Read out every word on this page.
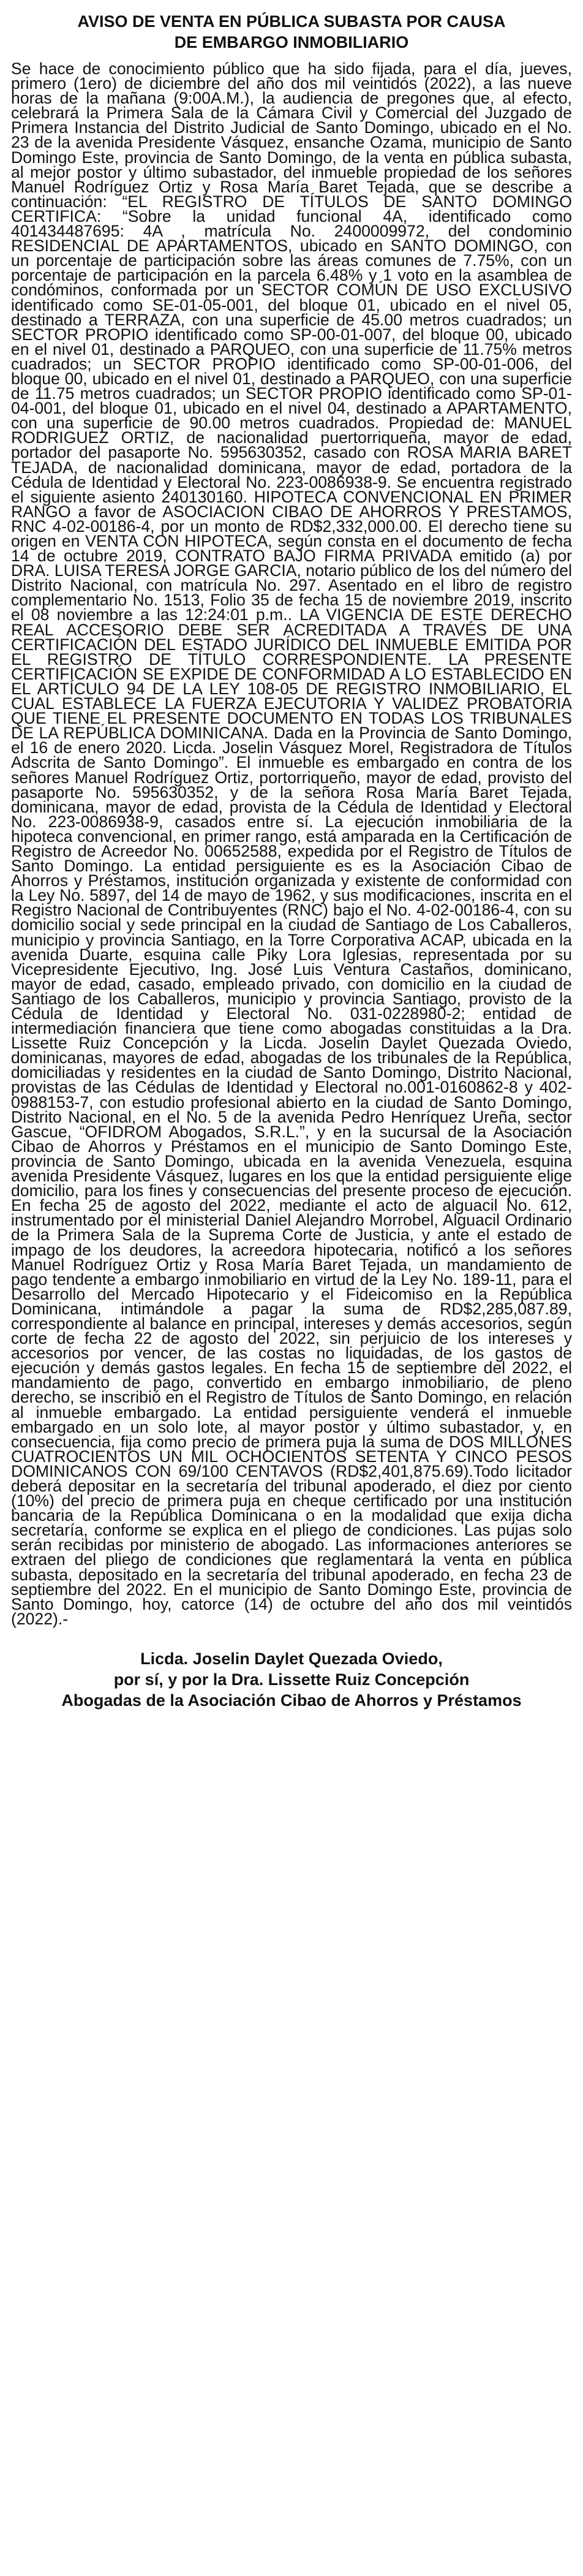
AVISO DE VENTA EN PÚBLICA SUBASTA POR CAUSA
DE EMBARGO INMOBILIARIO

Se hace de conocimiento público que ha sido fijada, para el día, jueves, primero (1ero) de diciembre del año dos mil veintidós (2022), a las nueve horas de la mañana (9:00A.M.), la audiencia de pregones que, al efecto, celebrará la Primera Sala de la Cámara Civil y Comercial del Juzgado de Primera Instancia del Distrito Judicial de Santo Domingo, ubicado en el No. 23 de la avenida Presidente Vásquez, ensanche Ozama, municipio de Santo Domingo Este, provincia de Santo Domingo, de la venta en pública subasta, al mejor postor y último subastador, del inmueble propiedad de los señores Manuel Rodríguez Ortiz y Rosa María Baret Tejada, que se describe a continuación: “EL REGISTRO DE TÍTULOS DE SANTO DOMINGO CERTIFICA: “Sobre la unidad funcional 4A, identificado como 401434487695: 4A , matrícula No. 2400009972, del condominio RESIDENCIAL DE APARTAMENTOS, ubicado en SANTO DOMINGO, con un porcentaje de participación sobre las áreas comunes de 7.75%, con un porcentaje de participación en la parcela 6.48% y 1 voto en la asamblea de condóminos, conformada por un SECTOR COMÚN DE USO EXCLUSIVO identificado como SE-01-05-001, del bloque 01, ubicado en el nivel 05, destinado a TERRAZA, con una superficie de 45.00 metros cuadrados; un SECTOR PROPIO identificado como SP-00-01-007, del bloque 00, ubicado en el nivel 01, destinado a PARQUEO, con una superficie de 11.75% metros cuadrados; un SECTOR PROPIO identificado como SP-00-01-006, del bloque 00, ubicado en el nivel 01, destinado a PARQUEO, con una superficie de 11.75 metros cuadrados; un SECTOR PROPIO identificado como SP-01-04-001, del bloque 01, ubicado en el nivel 04, destinado a APARTAMENTO, con una superficie de 90.00 metros cuadrados. Propiedad de: MANUEL RODRIGUEZ ORTIZ, de nacionalidad puertorriqueña, mayor de edad, portador del pasaporte No. 595630352, casado con ROSA MARIA BARET TEJADA, de nacionalidad dominicana, mayor de edad, portadora de la Cédula de Identidad y Electoral No. 223-0086938-9. Se encuentra registrado el siguiente asiento 240130160. HIPOTECA CONVENCIONAL EN PRIMER RANGO a favor de ASOCIACION CIBAO DE AHORROS Y PRESTAMOS, RNC 4-02-00186-4, por un monto de RD$2,332,000.00. El derecho tiene su origen en VENTA CON HIPOTECA, según consta en el documento de fecha 14 de octubre 2019, CONTRATO BAJO FIRMA PRIVADA emitido (a) por DRA. LUISA TERESA JORGE GARCIA, notario público de los del número del Distrito Nacional, con matrícula No. 297. Asentado en el libro de registro complementario No. 1513, Folio 35 de fecha 15 de noviembre 2019, inscrito el 08 noviembre a las 12:24:01 p.m.. LA VIGENCIA DE ESTE DERECHO REAL ACCESORIO DEBE SER ACREDITADA A TRAVÉS DE UNA CERTIFICACIÓN DEL ESTADO JURÍDICO DEL INMUEBLE EMITIDA POR EL REGISTRO DE TÍTULO CORRESPONDIENTE. LA PRESENTE CERTIFICACIÓN SE EXPIDE DE CONFORMIDAD A LO ESTABLECIDO EN EL ARTÍCULO 94 DE LA LEY 108-05 DE REGISTRO INMOBILIARIO, EL CUAL ESTABLECE LA FUERZA EJECUTORIA Y VALIDEZ PROBATORIA QUE TIENE EL PRESENTE DOCUMENTO EN TODAS LOS TRIBUNALES DE LA REPÚBLICA DOMINICANA. Dada en la Provincia de Santo Domingo, el 16 de enero 2020. Licda. Joselin Vásquez Morel, Registradora de Títulos Adscrita de Santo Domingo”. El inmueble es embargado en contra de los señores Manuel Rodríguez Ortiz, portorriqueño, mayor de edad, provisto del pasaporte No. 595630352, y de la señora Rosa María Baret Tejada, dominicana, mayor de edad, provista de la Cédula de Identidad y Electoral No. 223-0086938-9, casados entre sí. La ejecución inmobiliaria de la hipoteca convencional, en primer rango, está amparada en la Certificación de Registro de Acreedor No. 00652588, expedida por el Registro de Títulos de Santo Domingo. La entidad persiguiente es es la Asociación Cibao de Ahorros y Préstamos, institución organizada y existente de conformidad con la Ley No. 5897, del 14 de mayo de 1962, y sus modificaciones, inscrita en el Registro Nacional de Contribuyentes (RNC) bajo el No. 4-02-00186-4, con su domicilio social y sede principal en la ciudad de Santiago de Los Caballeros, municipio y provincia Santiago, en la Torre Corporativa ACAP, ubicada en la avenida Duarte, esquina calle Piky Lora Iglesias, representada por su Vicepresidente Ejecutivo, Ing. José Luis Ventura Castaños, dominicano, mayor de edad, casado, empleado privado, con domicilio en la ciudad de Santiago de los Caballeros, municipio y provincia Santiago, provisto de la Cédula de Identidad y Electoral No. 031-0228980-2; entidad de intermediación financiera que tiene como abogadas constituidas a la Dra. Lissette Ruiz Concepción y la Licda. Joselin Daylet Quezada Oviedo, dominicanas, mayores de edad, abogadas de los tribunales de la República, domiciliadas y residentes en la ciudad de Santo Domingo, Distrito Nacional, provistas de las Cédulas de Identidad y Electoral no.001-0160862-8 y 402-0988153-7, con estudio profesional abierto en la ciudad de Santo Domingo, Distrito Nacional, en el No. 5 de la avenida Pedro Henríquez Ureña, sector Gascue, “OFIDROM Abogados, S.R.L.”, y en la sucursal de la Asociación Cibao de Ahorros y Préstamos en el municipio de Santo Domingo Este, provincia de Santo Domingo, ubicada en la avenida Venezuela, esquina avenida Presidente Vásquez, lugares en los que la entidad persiguiente elige domicilio, para los fines y consecuencias del presente proceso de ejecución. En fecha 25 de agosto del 2022, mediante el acto de alguacil No. 612, instrumentado por el ministerial Daniel Alejandro Morrobel, Alguacil Ordinario de la Primera Sala de la Suprema Corte de Justicia, y ante el estado de impago de los deudores, la acreedora hipotecaria, notificó a los señores Manuel Rodríguez Ortiz y Rosa María Baret Tejada, un mandamiento de pago tendente a embargo inmobiliario en virtud de la Ley No. 189-11, para el Desarrollo del Mercado Hipotecario y el Fideicomiso en la República Dominicana, intimándole a pagar la suma de RD$2,285,087.89, correspondiente al balance en principal, intereses y demás accesorios, según corte de fecha 22 de agosto del 2022, sin perjuicio de los intereses y accesorios por vencer, de las costas no liquidadas, de los gastos de ejecución y demás gastos legales. En fecha 15 de septiembre del 2022, el mandamiento de pago, convertido en embargo inmobiliario, de pleno derecho, se inscribió en el Registro de Títulos de Santo Domingo, en relación al inmueble embargado. La entidad persiguiente venderá el inmueble embargado en un solo lote, al mayor postor y último subastador, y, en consecuencia, fija como precio de primera puja la suma de DOS MILLONES CUATROCIENTOS UN MIL OCHOCIENTOS SETENTA Y CINCO PESOS DOMINICANOS CON 69/100 CENTAVOS (RD$2,401,875.69).Todo licitador deberá depositar en la secretaría del tribunal apoderado, el diez por ciento (10%) del precio de primera puja en cheque certificado por una institución bancaria de la República Dominicana o en la modalidad que exija dicha secretaría, conforme se explica en el pliego de condiciones. Las pujas solo serán recibidas por ministerio de abogado. Las informaciones anteriores se extraen del pliego de condiciones que reglamentará la venta en pública subasta, depositado en la secretaría del tribunal apoderado, en fecha 23 de septiembre del 2022. En el municipio de Santo Domingo Este, provincia de Santo Domingo, hoy, catorce (14) de octubre del año dos mil veintidós (2022).-

Licda. Joselin Daylet Quezada Oviedo,
por sí, y por la Dra. Lissette Ruiz Concepción
Abogadas de la Asociación Cibao de Ahorros y Préstamos
